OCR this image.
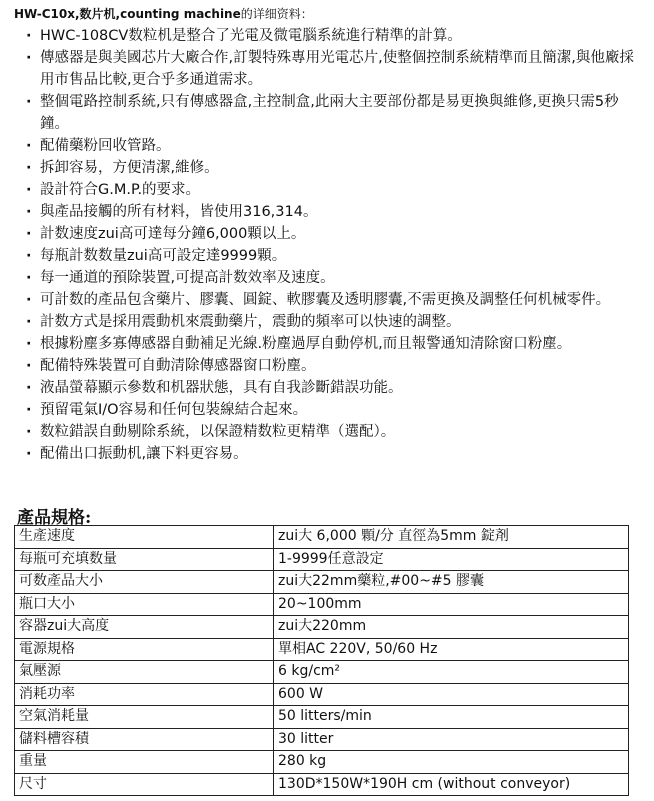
HW-C10x,数片机,counting machine的详细资料：
· HWC-108CV数粒机是整合了光電及微電腦系統進行精準的計算。
· 傳感器是與美國芯片大廠合作,訂製特殊專用光電芯片,使整個控制系統精準而且簡潔,與他廠採用市售品比較,更合乎多通道需求。
· 整個電路控制系統,只有傳感器盒,主控制盒,此兩大主要部份都是易更換與維修,更換只需5秒鐘。
· 配備藥粉回收管路。
· 拆卸容易，方便清潔,維修。
· 設計符合G.M.P.的要求。
· 與產品接觸的所有材料，皆使用316,314。
· 計数速度zui高可達每分鐘6,000顆以上。
· 每瓶計数数量zui高可設定達9999顆。
· 每一通道的預除裝置,可提高計数效率及速度。
· 可計数的產品包含藥片、膠囊、圓錠、軟膠囊及透明膠囊,不需更換及調整任何机械零件。
· 計数方式是採用震動机來震動藥片，震動的頻率可以快速的調整。
· 根據粉塵多寡傳感器自動補足光線.粉塵過厚自動停机,而且報警通知清除窗口粉塵。
· 配備特殊裝置可自動清除傳感器窗口粉塵。
· 液晶螢幕顯示參数和机器狀態，具有自我診斷錯誤功能。
· 預留電氣I/O容易和任何包裝線結合起來。
· 数粒錯誤自動剔除系統，以保證精数粒更精準（選配）。
· 配備出口振動机,讓下料更容易。
產品規格:
生產速度	zui大 6,000 顆/分 直徑為5mm 錠剤
每瓶可充填数量	1-9999任意設定
可数產品大小	zui大22mm藥粒,#00~#5 膠囊
瓶口大小	20~100mm
容器zui大高度	zui大220mm
電源規格	單相AC 220V, 50/60 Hz
氣壓源	6 kg/cm²
消耗功率	600 W
空氣消耗量	50 litters/min
儲料槽容積	30 litter
重量	280 kg
尺寸	130D*150W*190H cm (without conveyor)
